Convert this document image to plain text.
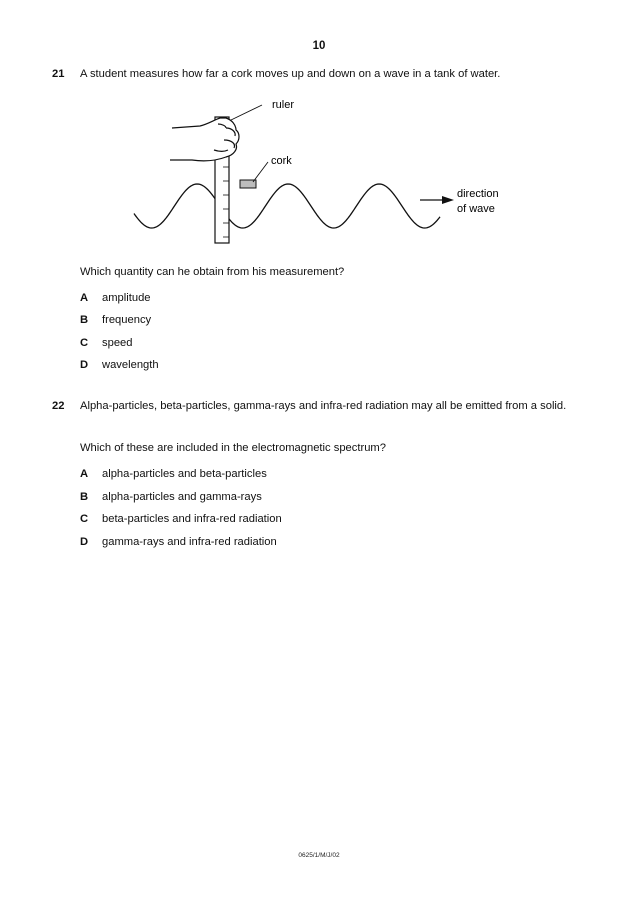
10
21 A student measures how far a cork moves up and down on a wave in a tank of water.
ruler
cork
direction
of wave
Which quantity can he obtain from his measurement?
A amplitude
B frequency
C speed
D wavelength
22 Alpha-particles, beta-particles, gamma-rays and infra-red radiation may all be emitted from a solid.
Which of these are included in the electromagnetic spectrum?
A alpha-particles and beta-particles
B alpha-particles and gamma-rays
C beta-particles and infra-red radiation
D gamma-rays and infra-red radiation
0625/1/M/J/02
